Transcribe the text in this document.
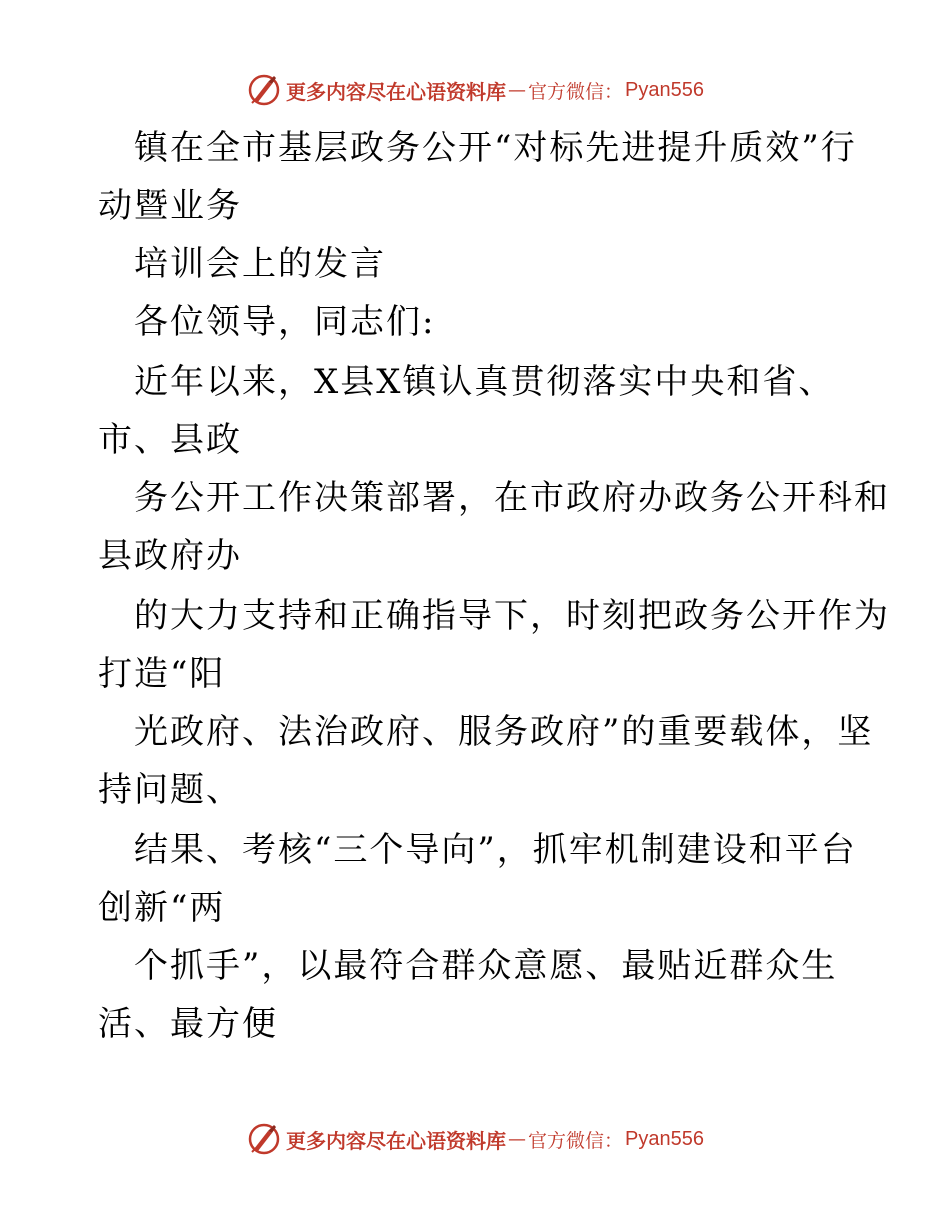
更多内容尽在心语资料库 — 官方微信： Pyan556
镇在全市基层政务公开“对标先进提升质效”行
动暨业务
培训会上的发言
各位领导，同志们:
近年以来，X县X镇认真贯彻落实中央和省、
市、县政
务公开工作决策部署，在市政府办政务公开科和
县政府办
的大力支持和正确指导下，时刻把政务公开作为
打造“阳
光政府、法治政府、服务政府”的重要载体，坚
持问题、
结果、考核“三个导向”，抓牢机制建设和平台
创新“两
个抓手”，以最符合群众意愿、最贴近群众生
活、最方便
更多内容尽在心语资料库 — 官方微信： Pyan556
